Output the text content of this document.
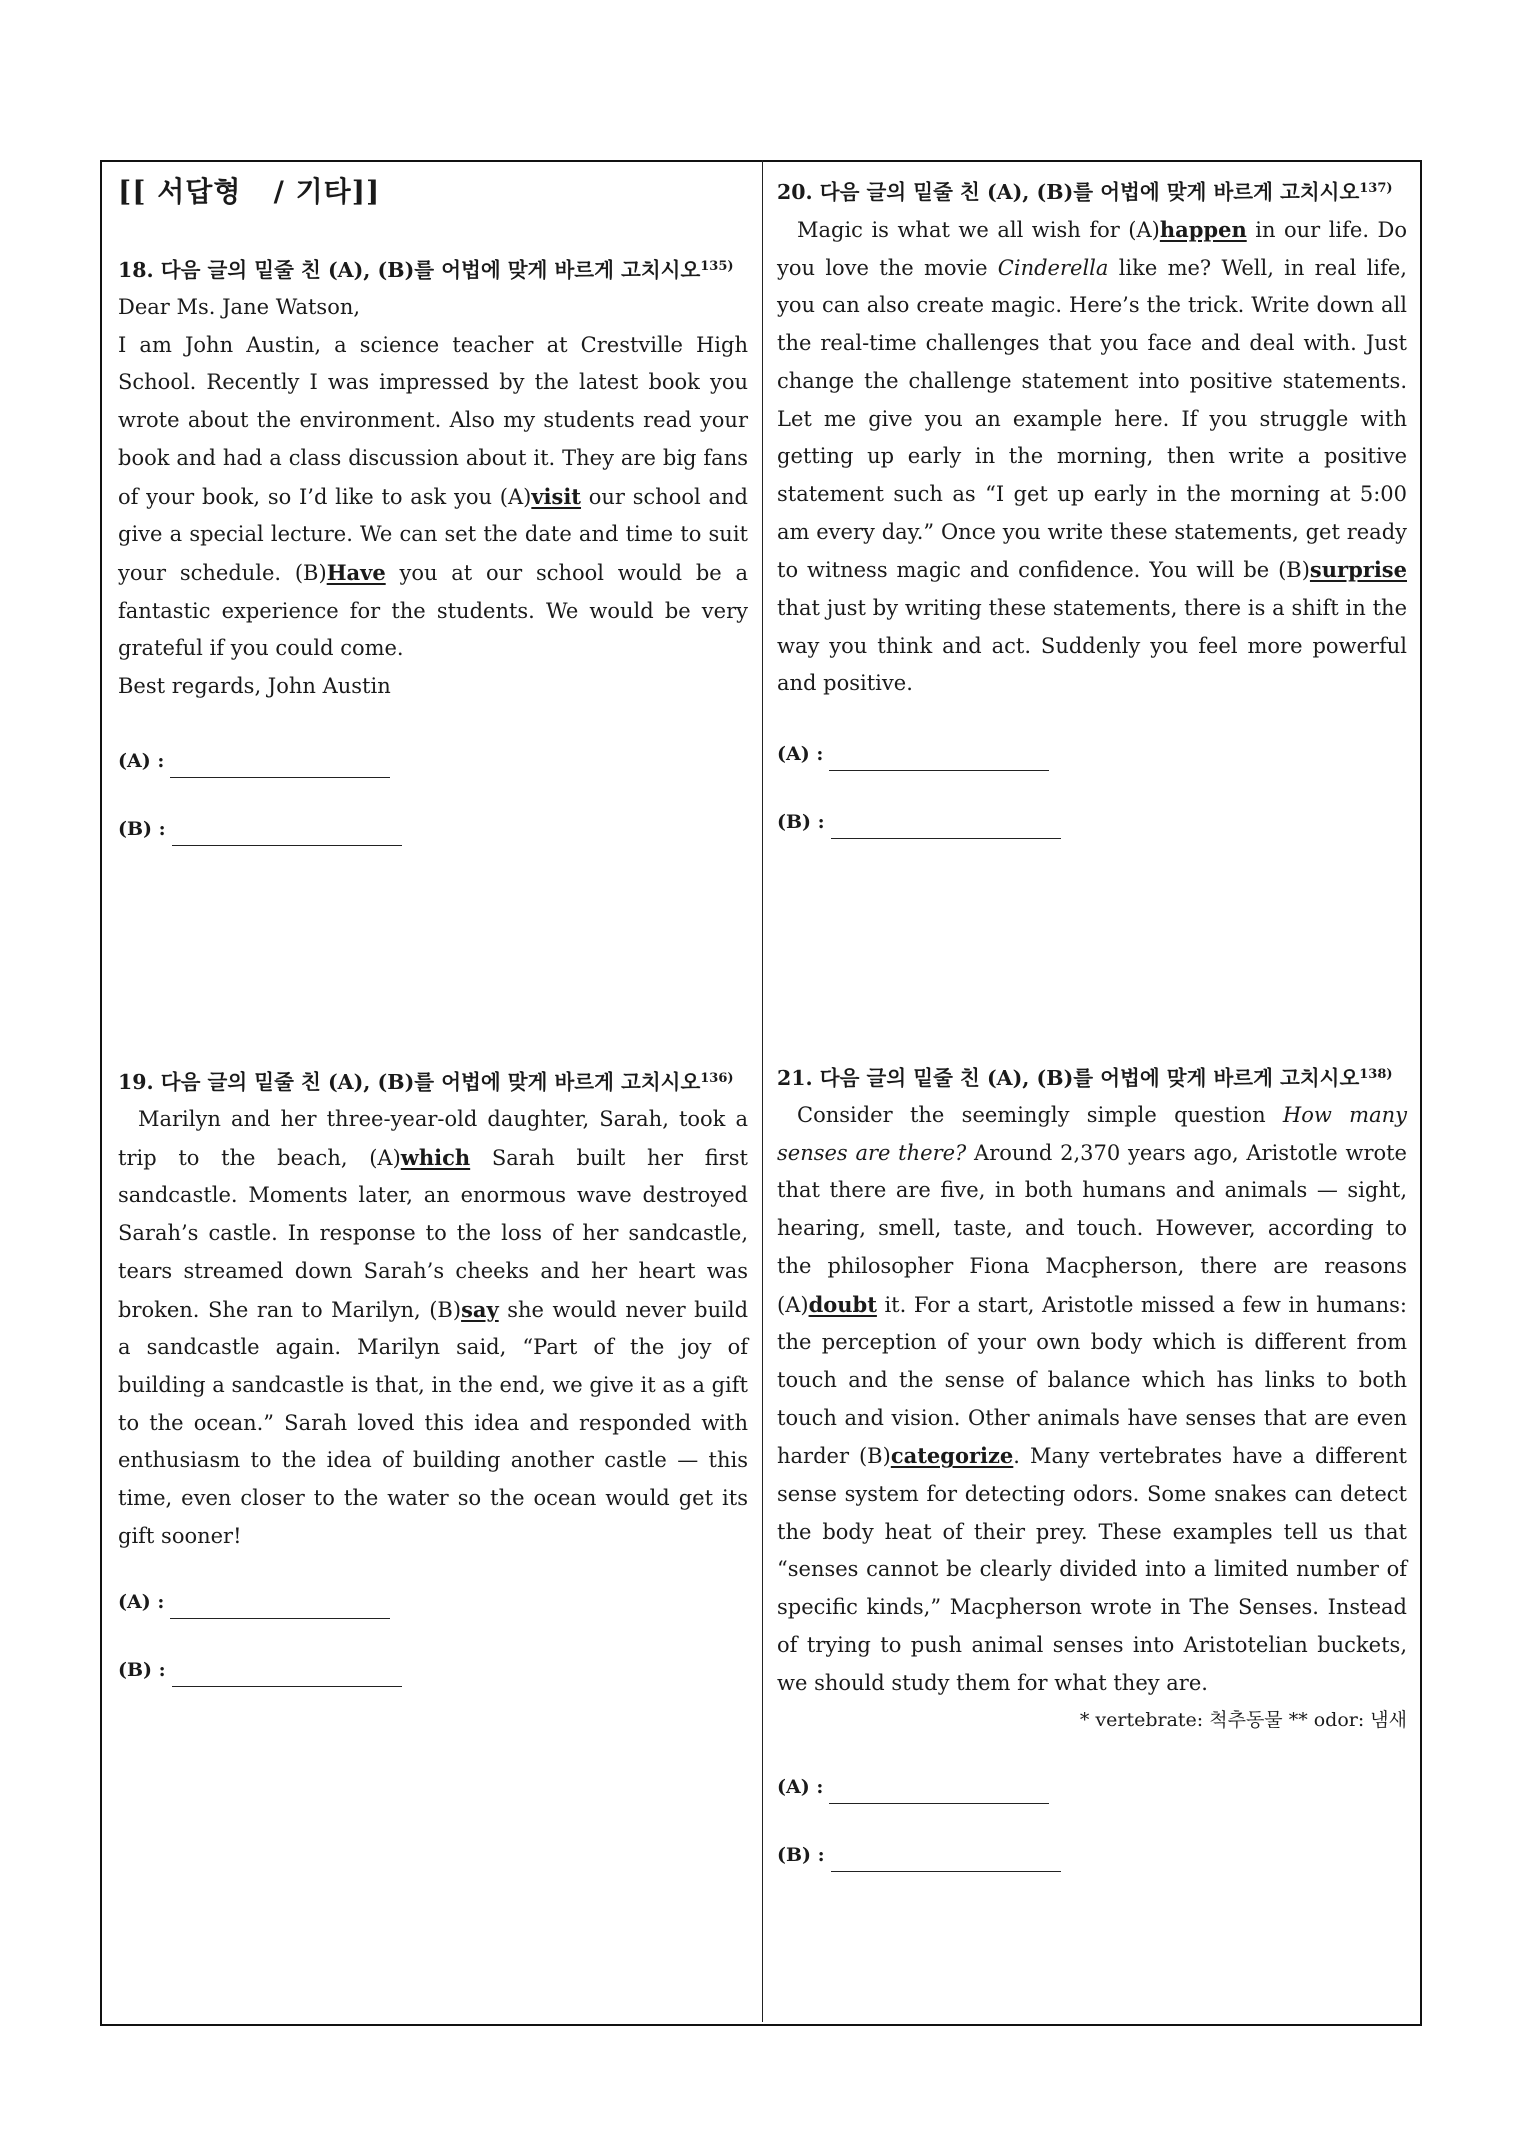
[[ 서답형   / 기타]]
18. 다음 글의 밑줄 친 (A), (B)를 어법에 맞게 바르게 고치시오$^{135)}$

Dear Ms. Jane Watson,

I am John Austin, a science teacher at Crestville High School. Recently I was impressed by the latest book you wrote about the environment. Also my students read your book and had a class discussion about it. They are big fans of your book, so I’d like to ask you (A)visit our school and give a special lecture. We can set the date and time to suit your schedule. (B)Have you at our school would be a fantastic experience for the students. We would be very grateful if you could come.

Best regards, John Austin

(A) :
(B) :
19. 다음 글의 밑줄 친 (A), (B)를 어법에 맞게 바르게 고치시오$^{136)}$

Marilyn and her three-year-old daughter, Sarah, took a trip to the beach, (A)which Sarah built her first sandcastle. Moments later, an enormous wave destroyed Sarah’s castle. In response to the loss of her sandcastle, tears streamed down Sarah’s cheeks and her heart was broken. She ran to Marilyn, (B)say she would never build a sandcastle again. Marilyn said, “Part of the joy of building a sandcastle is that, in the end, we give it as a gift to the ocean.” Sarah loved this idea and responded with enthusiasm to the idea of building another castle — this time, even closer to the water so the ocean would get its gift sooner!

(A) :
(B) :
20. 다음 글의 밑줄 친 (A), (B)를 어법에 맞게 바르게 고치시오$^{137)}$

Magic is what we all wish for (A)happen in our life. Do you love the movie Cinderella like me? Well, in real life, you can also create magic. Here’s the trick. Write down all the real-time challenges that you face and deal with. Just change the challenge statement into positive statements. Let me give you an example here. If you struggle with getting up early in the morning, then write a positive statement such as “I get up early in the morning at 5:00 am every day.” Once you write these statements, get ready to witness magic and confidence. You will be (B)surprise that just by writing these statements, there is a shift in the way you think and act. Suddenly you feel more powerful and positive.

(A) :
(B) :
21. 다음 글의 밑줄 친 (A), (B)를 어법에 맞게 바르게 고치시오$^{138)}$

Consider the seemingly simple question How many senses are there? Around 2,370 years ago, Aristotle wrote that there are five, in both humans and animals — sight, hearing, smell, taste, and touch. However, according to the philosopher Fiona Macpherson, there are reasons (A)doubt it. For a start, Aristotle missed a few in humans: the perception of your own body which is different from touch and the sense of balance which has links to both touch and vision. Other animals have senses that are even harder (B)categorize. Many vertebrates have a different sense system for detecting odors. Some snakes can detect the body heat of their prey. These examples tell us that “senses cannot be clearly divided into a limited number of specific kinds,” Macpherson wrote in The Senses. Instead of trying to push animal senses into Aristotelian buckets, we should study them for what they are.

* vertebrate: 척추동물 ** odor: 냄새

(A) :
(B) :
